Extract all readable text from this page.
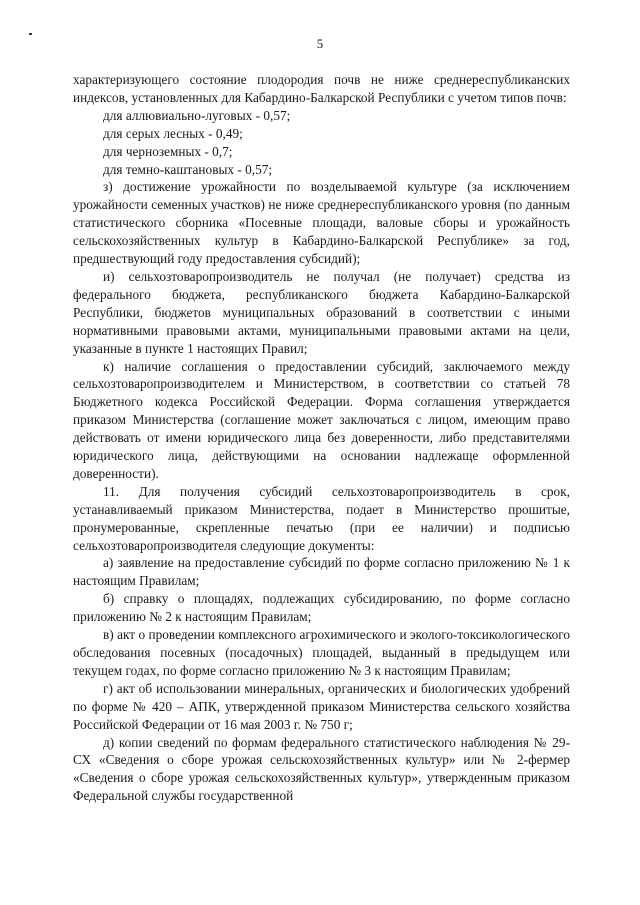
5

характеризующего состояние плодородия почв не ниже среднереспубликанских индексов, установленных для Кабардино-Балкарской Республики с учетом типов почв:

для аллювиально-луговых - 0,57;

для серых лесных - 0,49;

для черноземных - 0,7;

для темно-каштановых - 0,57;

з) достижение урожайности по возделываемой культуре (за исключением урожайности семенных участков) не ниже среднереспубликанского уровня (по данным статистического сборника «Посевные площади, валовые сборы и урожайность сельскохозяйственных культур в Кабардино-Балкарской Республике» за год, предшествующий году предоставления субсидий);

и) сельхозтоваропроизводитель не получал (не получает) средства из федерального бюджета, республиканского бюджета Кабардино-Балкарской Республики, бюджетов муниципальных образований в соответствии с иными нормативными правовыми актами, муниципальными правовыми актами на цели, указанные в пункте 1 настоящих Правил;

к) наличие соглашения о предоставлении субсидий, заключаемого между сельхозтоваропроизводителем и Министерством, в соответствии со статьей 78 Бюджетного кодекса Российской Федерации. Форма соглашения утверждается приказом Министерства (соглашение может заключаться с лицом, имеющим право действовать от имени юридического лица без доверенности, либо представителями юридического лица, действующими на основании надлежаще оформленной доверенности).

11. Для получения субсидий сельхозтоваропроизводитель в срок, устанавливаемый приказом Министерства, подает в Министерство прошитые, пронумерованные, скрепленные печатью (при ее наличии) и подписью сельхозтоваропроизводителя следующие документы:

а) заявление на предоставление субсидий по форме согласно приложению № 1 к настоящим Правилам;

б) справку о площадях, подлежащих субсидированию, по форме согласно приложению № 2 к настоящим Правилам;

в) акт о проведении комплексного агрохимического и эколого-токсикологического обследования посевных (посадочных) площадей, выданный в предыдущем или текущем годах, по форме согласно приложению № 3 к настоящим Правилам;

г) акт об использовании минеральных, органических и биологических удобрений по форме № 420 – АПК, утвержденной приказом Министерства сельского хозяйства Российской Федерации от 16 мая 2003 г. № 750 г;

д) копии сведений по формам федерального статистического наблюдения № 29-СХ «Сведения о сборе урожая сельскохозяйственных культур» или № 2-фермер «Сведения о сборе урожая сельскохозяйственных культур», утвержденным приказом Федеральной службы государственной
